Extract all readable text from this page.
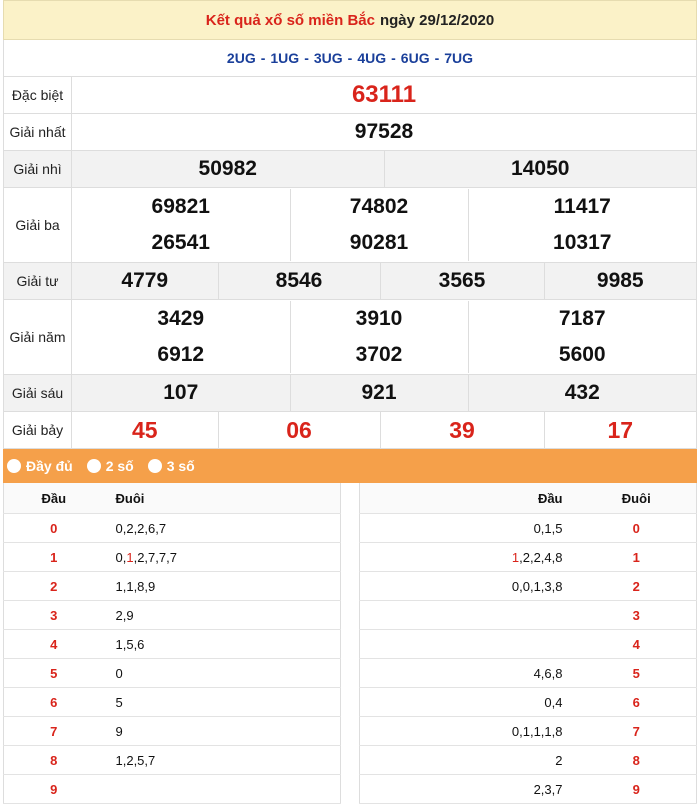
Kết quả xổ số miền Bắc ngày 29/12/2020
2UG - 1UG - 3UG - 4UG - 6UG - 7UG
Đặc biệt	63111
Giải nhất	97528
Giải nhì		50982	14050

Giải ba	
69821	74802	11417
26541	90281	10317

Giải tư		4779	8546	3565	9985

Giải năm	
3429	3910	7187
6912	3702	5600

Giải sáu		107	921	432

Giải bảy		45	06	39	17
Đầy đủ 2 số 3 số
Đầu	Đuôi
0	0,2,2,6,7
1	0,1,2,7,7,7
2	1,1,8,9
3	2,9
4	1,5,6
5	0
6	5
7	9
8	1,2,5,7
9	
Đầu	Đuôi
0,1,5	0
1,2,2,4,8	1
0,0,1,3,8	2
	3
	4
4,6,8	5
0,4	6
0,1,1,1,8	7
2	8
2,3,7	9
